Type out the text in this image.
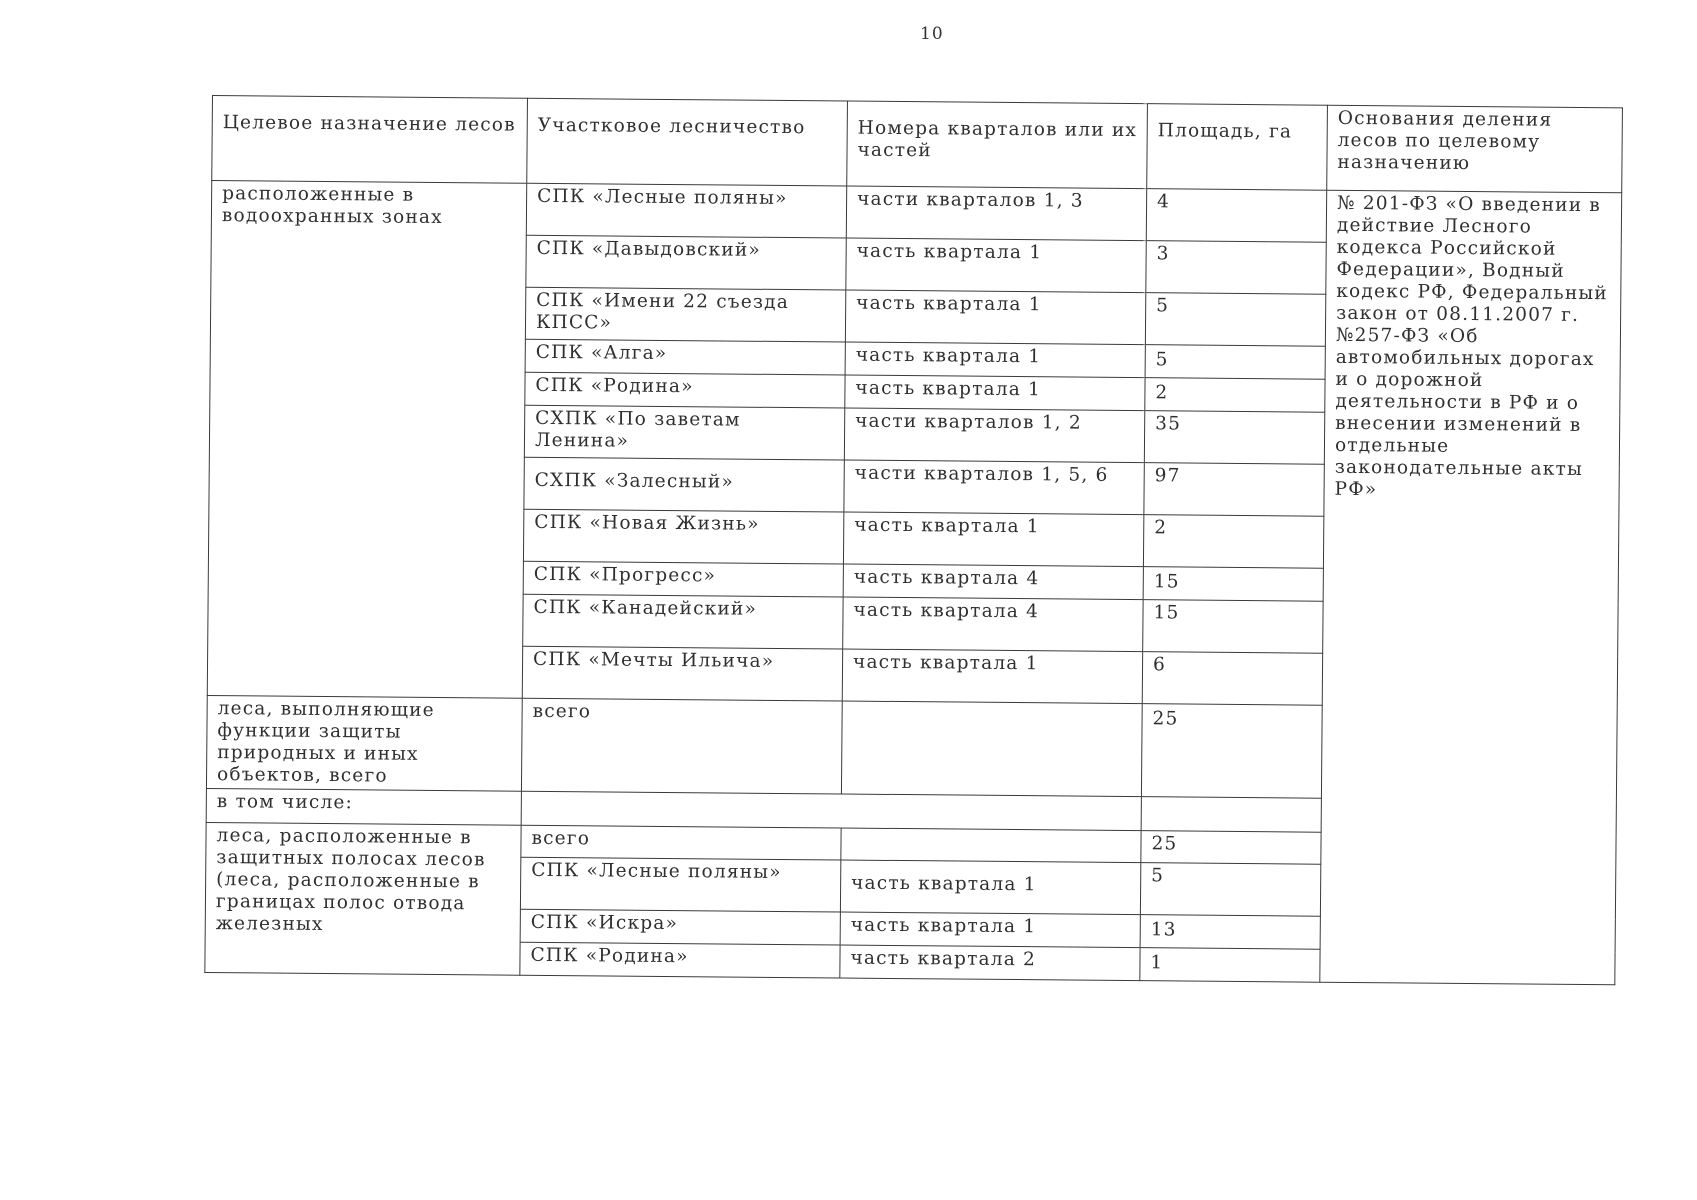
10
Целевое назначение лесов	Участковое лесничество	Номера кварталов или их частей	Площадь, га	Основания деления лесов по целевому назначению
расположенные в водоохранных зонах	СПК «Лесные поляны»	части кварталов 1, 3	4	№ 201-ФЗ «О введении в действие Лесного кодекса Российской Федерации», Водный кодекс РФ, Федеральный закон от 08.11.2007 г. №257-ФЗ «Об автомобильных дорогах и о дорожной деятельности в РФ и о внесении изменений в отдельные законодательные акты РФ»
	СПК «Давыдовский»	часть квартала 1	3	
	СПК «Имени 22 съезда КПСС»	часть квартала 1	5	
	СПК «Алга»	часть квартала 1	5	
	СПК «Родина»	часть квартала 1	2	
	СХПК «По заветам Ленина»	части кварталов 1, 2	35	
	СХПК «Залесный»	части кварталов 1, 5, 6	97	
	СПК «Новая Жизнь»	часть квартала 1	2	
	СПК «Прогресс»	часть квартала 4	15	
	СПК «Канадейский»	часть квартала 4	15	
	СПК «Мечты Ильича»	часть квартала 1	6	
леса, выполняющие функции защиты природных и иных объектов, всего	всего		25	
в том числе:				
леса, расположенные в защитных полосах лесов (леса, расположенные в границах полос отвода железных	всего		25	
	СПК «Лесные поляны»	часть квартала 1	5	
	СПК «Искра»	часть квартала 1	13	
	СПК «Родина»	часть квартала 2	1	
